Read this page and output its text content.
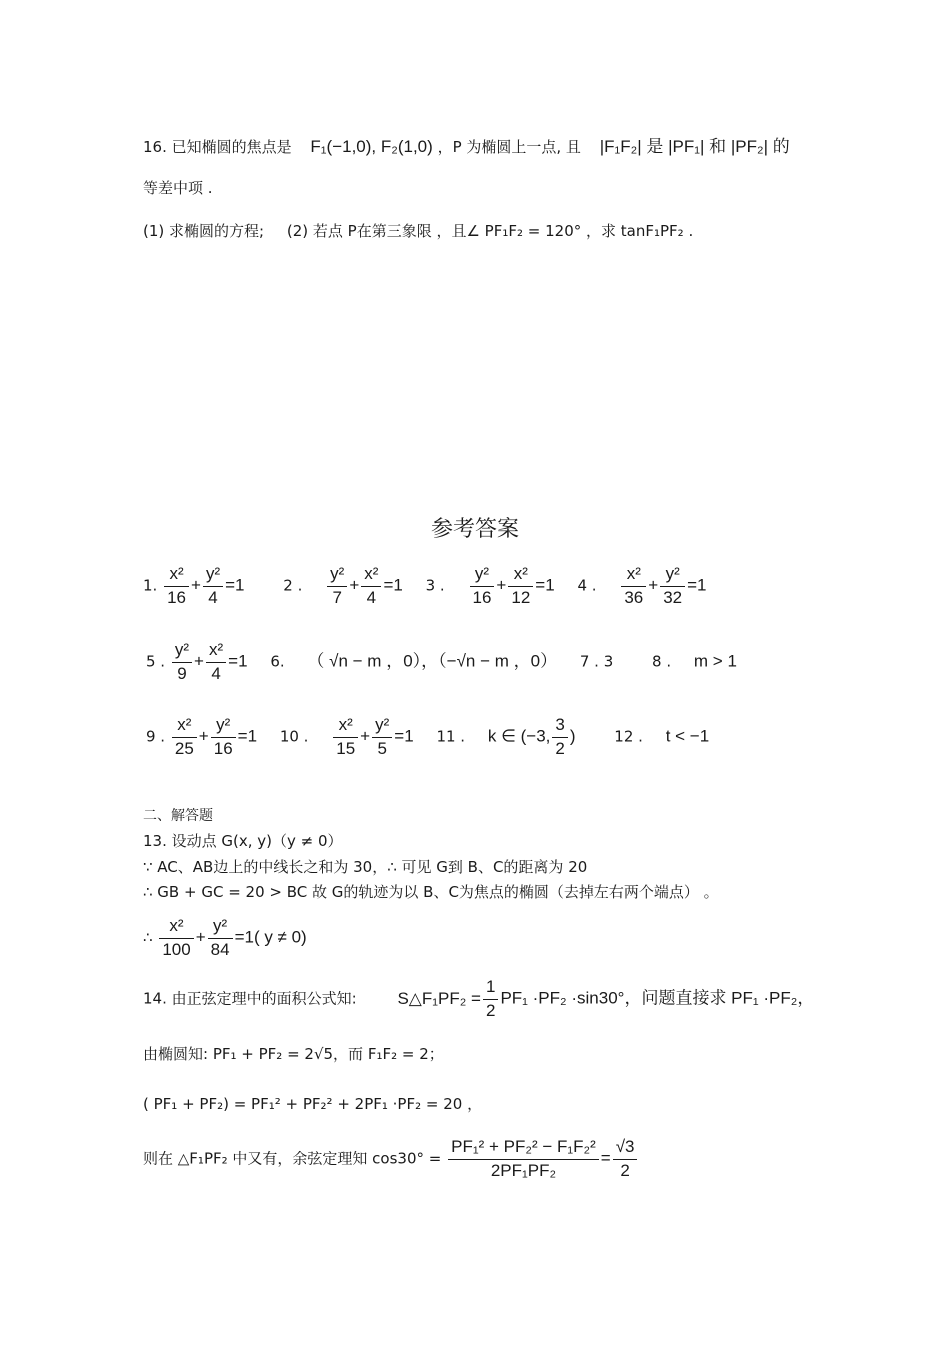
16. 已知椭圆的焦点是 F₁(−1,0), F₂(1,0) ，P 为椭圆上一点, 且 |F₁F₂| 是 |PF₁| 和 |PF₂| 的
等差中项 .
(1) 求椭圆的方程; (2) 若点 P在第三象限 ，且∠ PF₁F₂ = 120° ，求 tanF₁PF₂ .
参考答案
1. $\frac{\text{x²}}{16} + \frac{\text{y²}}{4} =1$	2 . $\frac{\text{y²}}{7} + \frac{\text{x²}}{4} =1$ 3 . $\frac{\text{y²}}{16} + \frac{\text{x²}}{12} =1$ 4 . $\frac{\text{x²}}{36} + \frac{\text{y²}}{32} =1$
5 . $\frac{\text{y²}}{9} + \frac{\text{x²}}{4} =1$ 6. （ √n − m ，0），（−√n − m ，0） 7 . 3	8 . m > 1
9 . $\frac{\text{x²}}{25} + \frac{\text{y²}}{16} =1$ 10 . $\frac{\text{x²}}{15} + \frac{\text{y²}}{5} =1$ 11 . k ∈ (−3, $\frac{3}{2}$ )	12 . t < −1
二、解答题
13. 设动点 G(x, y)（y ≠ 0）
∵ AC、AB边上的中线长之和为 30，∴ 可见 G到 B、C的距离为 20
∴ GB + GC = 20 > BC 故 G的轨迹为以 B、C为焦点的椭圆（去掉左右两个端点） 。
∴ $\frac{\text{x²}}{100} + \frac{\text{y²}}{84} =1$( y ≠ 0)
14. 由正弦定理中的面积公式知: S△F₁PF₂ = $\frac{1}{2} PF_1 \cdot PF_2 \cdot\sin 30^\circ$，问题直接求 PF₁ ·PF₂，
由椭圆知: PF₁ + PF₂ = 2√5，而 F₁F₂ = 2；
( PF₁ + PF₂) = PF₁² + PF₂² + 2PF₁ ·PF₂ = 20 ，
则在 △F₁PF₂ 中又有，余弦定理知 $\cos 30^\circ = \frac{\text{PF₁² + PF₂² − F₁F₂²}}{\text{2PF₁PF₂}} = \frac{√3}{2}$
